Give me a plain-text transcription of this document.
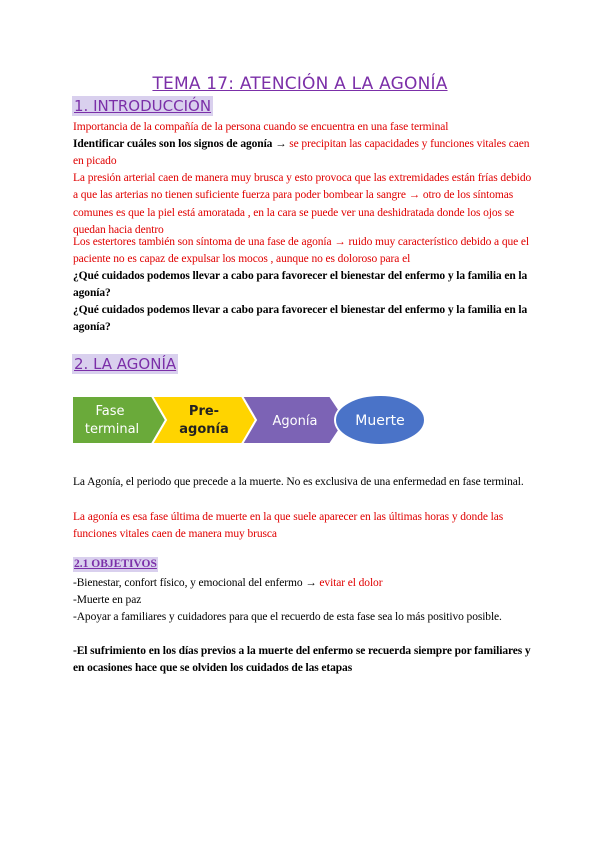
TEMA 17: ATENCIÓN A LA AGONÍA
1. INTRODUCCIÓN
Importancia de la compañía de la persona cuando se encuentra en una fase terminal
Identificar cuáles son los signos de agonía → se precipitan las capacidades y funciones vitales caen en picado
La presión arterial caen de manera muy brusca y esto provoca que las extremidades están frías debido a que las arterias no tienen suficiente fuerza para poder bombear la sangre → otro de los síntomas comunes es que la piel está amoratada , en la cara se puede ver una deshidratada donde los ojos se quedan hacia dentro
Los estertores también son síntoma de una fase de agonía → ruido muy característico debido a que el paciente no es capaz de expulsar los mocos , aunque no es doloroso para el
¿Qué cuidados podemos llevar a cabo para favorecer el bienestar del enfermo y la familia en la agonía?
¿Qué cuidados podemos llevar a cabo para favorecer el bienestar del enfermo y la familia en la agonía?
2. LA AGONÍA
Fase
terminal
Pre-
agonía
Agonía	Muerte
La Agonía, el periodo que precede a la muerte. No es exclusiva de una enfermedad en fase terminal.
La agonía es esa fase última de muerte en la que suele aparecer en las últimas horas y donde las funciones vitales caen de manera muy brusca
2.1 OBJETIVOS
-Bienestar, confort físico, y emocional del enfermo → evitar el dolor
-Muerte en paz
-Apoyar a familiares y cuidadores para que el recuerdo de esta fase sea lo más positivo posible.
-El sufrimiento en los días previos a la muerte del enfermo se recuerda siempre por familiares y en ocasiones hace que se olviden los cuidados de las etapas
